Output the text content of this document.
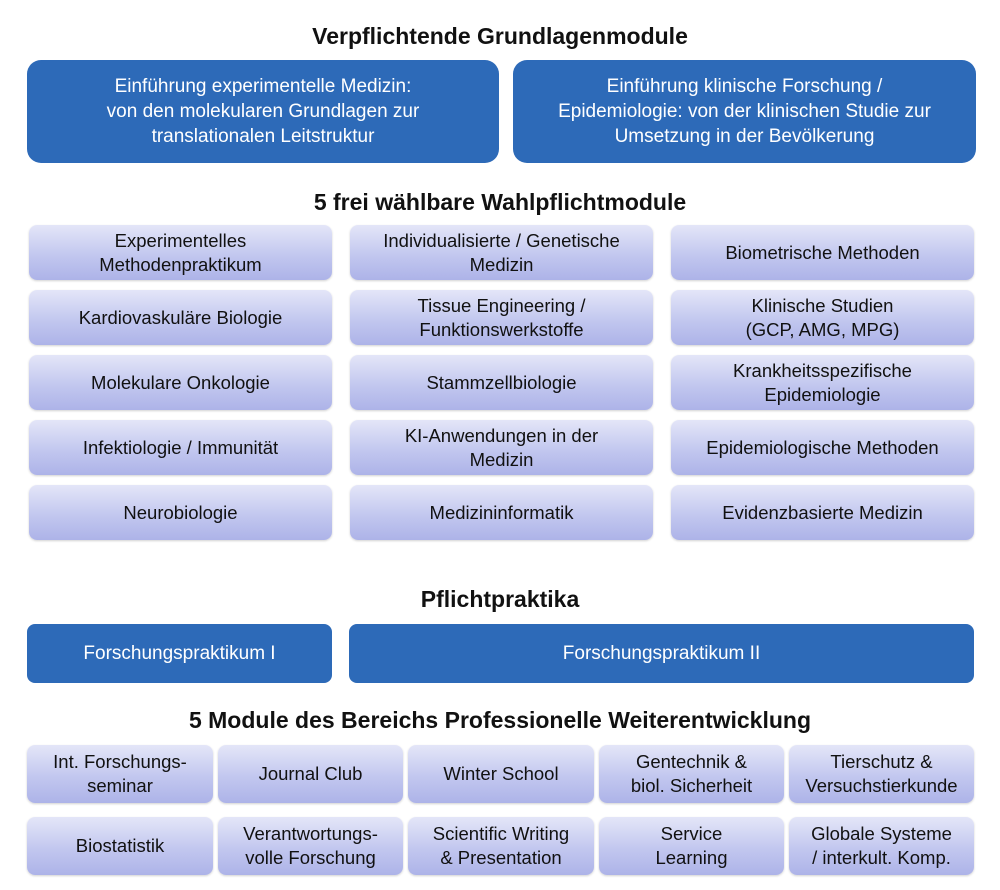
Verpflichtende Grundlagenmodule
Einführung experimentelle Medizin:
von den molekularen Grundlagen zur
translationalen Leitstruktur
Einführung klinische Forschung /
Epidemiologie: von der klinischen Studie zur
Umsetzung in der Bevölkerung
5 frei wählbare Wahlpflichtmodule
Experimentelles
Methodenpraktikum
Kardiovaskuläre Biologie
Molekulare Onkologie
Infektiologie / Immunität
Neurobiologie
Individualisierte / Genetische
Medizin
Tissue Engineering /
Funktionswerkstoffe
Stammzellbiologie
KI-Anwendungen in der
Medizin
Medizininformatik
Biometrische Methoden
Klinische Studien
(GCP, AMG, MPG)
Krankheitsspezifische
Epidemiologie
Epidemiologische Methoden
Evidenzbasierte Medizin
Pflichtpraktika
Forschungspraktikum I	Forschungspraktikum II
5 Module des Bereichs Professionelle Weiterentwicklung
Int. Forschungs-
seminar
Journal Club	Winter School
Gentechnik &
biol. Sicherheit
Tierschutz &
Versuchstierkunde
Biostatistik
Verantwortungs-
volle Forschung
Scientific Writing
& Presentation
Service
Learning
Globale Systeme
/ interkult. Komp.
